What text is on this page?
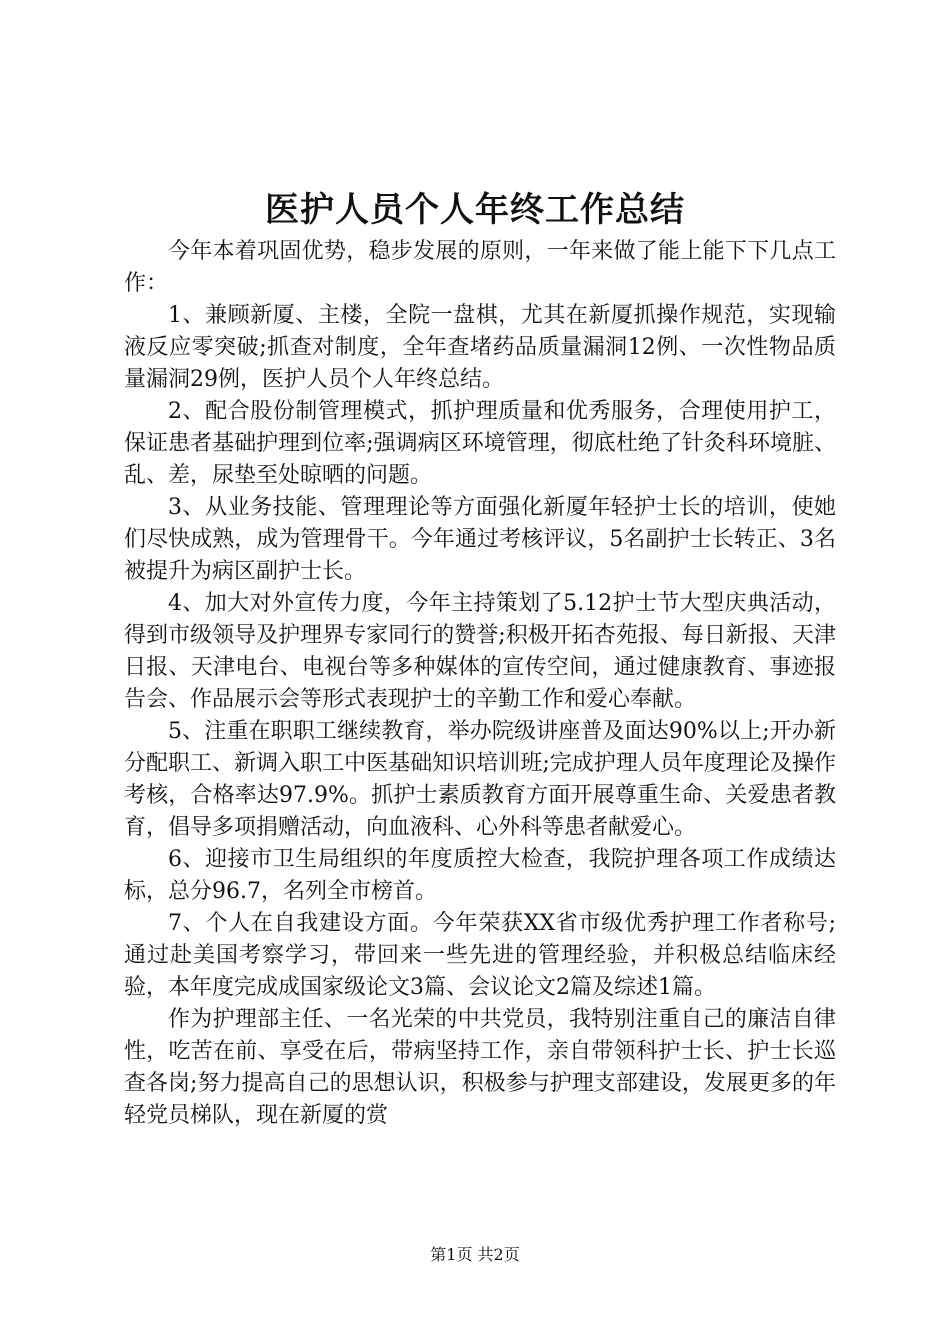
医护人员个人年终工作总结

今年本着巩固优势，稳步发展的原则，一年来做了能上能下下几点工作：

1、兼顾新厦、主楼，全院一盘棋，尤其在新厦抓操作规范，实现输液反应零突破;抓查对制度，全年查堵药品质量漏洞12例、一次性物品质量漏洞29例，医护人员个人年终总结。

2、配合股份制管理模式，抓护理质量和优秀服务，合理使用护工，保证患者基础护理到位率;强调病区环境管理，彻底杜绝了针灸科环境脏、乱、差，尿垫至处晾晒的问题。

3、从业务技能、管理理论等方面强化新厦年轻护士长的培训，使她们尽快成熟，成为管理骨干。今年通过考核评议，5名副护士长转正、3名被提升为病区副护士长。

4、加大对外宣传力度，今年主持策划了5.12护士节大型庆典活动，得到市级领导及护理界专家同行的赞誉;积极开拓杏苑报、每日新报、天津日报、天津电台、电视台等多种媒体的宣传空间，通过健康教育、事迹报告会、作品展示会等形式表现护士的辛勤工作和爱心奉献。

5、注重在职职工继续教育，举办院级讲座普及面达90%以上;开办新分配职工、新调入职工中医基础知识培训班;完成护理人员年度理论及操作考核，合格率达97.9%。抓护士素质教育方面开展尊重生命、关爱患者教育，倡导多项捐赠活动，向血液科、心外科等患者献爱心。

6、迎接市卫生局组织的年度质控大检查，我院护理各项工作成绩达标，总分96.7，名列全市榜首。

7、个人在自我建设方面。今年荣获XX省市级优秀护理工作者称号;通过赴美国考察学习，带回来一些先进的管理经验，并积极总结临床经验，本年度完成成国家级论文3篇、会议论文2篇及综述1篇。

作为护理部主任、一名光荣的中共党员，我特别注重自己的廉洁自律性，吃苦在前、享受在后，带病坚持工作，亲自带领科护士长、护士长巡查各岗;努力提高自己的思想认识，积极参与护理支部建设，发展更多的年轻党员梯队，现在新厦的赏

第1页 共2页
